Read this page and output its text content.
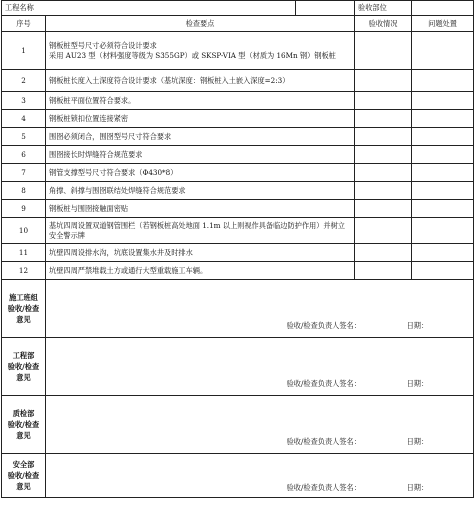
工程名称			验收部位	
序号	检查要点		验收情况	问题处置
1	钢板桩型号尺寸必须符合设计要求
采用 AU23 型（材料强度等级为 S355GP）或 SKSP-VIA 型（材质为 16Mn 钢）钢板桩			
2	钢板桩长度入土深度符合设计要求（基坑深度：钢板桩入土嵌入深度=2:3）			
3	钢板桩平面位置符合要求。			
4	钢板桩锁扣位置连接紧密			
5	围囹必须闭合，围囹型号尺寸符合要求			
6	围囹接长时焊缝符合规范要求			
7	钢管支撑型号尺寸符合要求（Φ430*8）			
8	角撑、斜撑与围囹联结处焊缝符合规范要求			
9	钢板桩与围囹接触面密贴			
10	基坑四周设置双道钢管围栏（若钢板桩高处地面 1.1m 以上则视作具备临边防护作用）并树立安全警示牌			
11	坑壁四周设排水沟，坑底设置集水井及时排水			
12	坑壁四周严禁堆载土方或通行大型重载施工车辆。			
施工班组
验收/检查
意见	验收/检查负责人签名： 日期：			

工程部
验收/检查
意见	验收/检查负责人签名： 日期：			

质检部
验收/检查
意见	验收/检查负责人签名： 日期：			

安全部
验收/检查
意见	验收/检查负责人签名： 日期：			
